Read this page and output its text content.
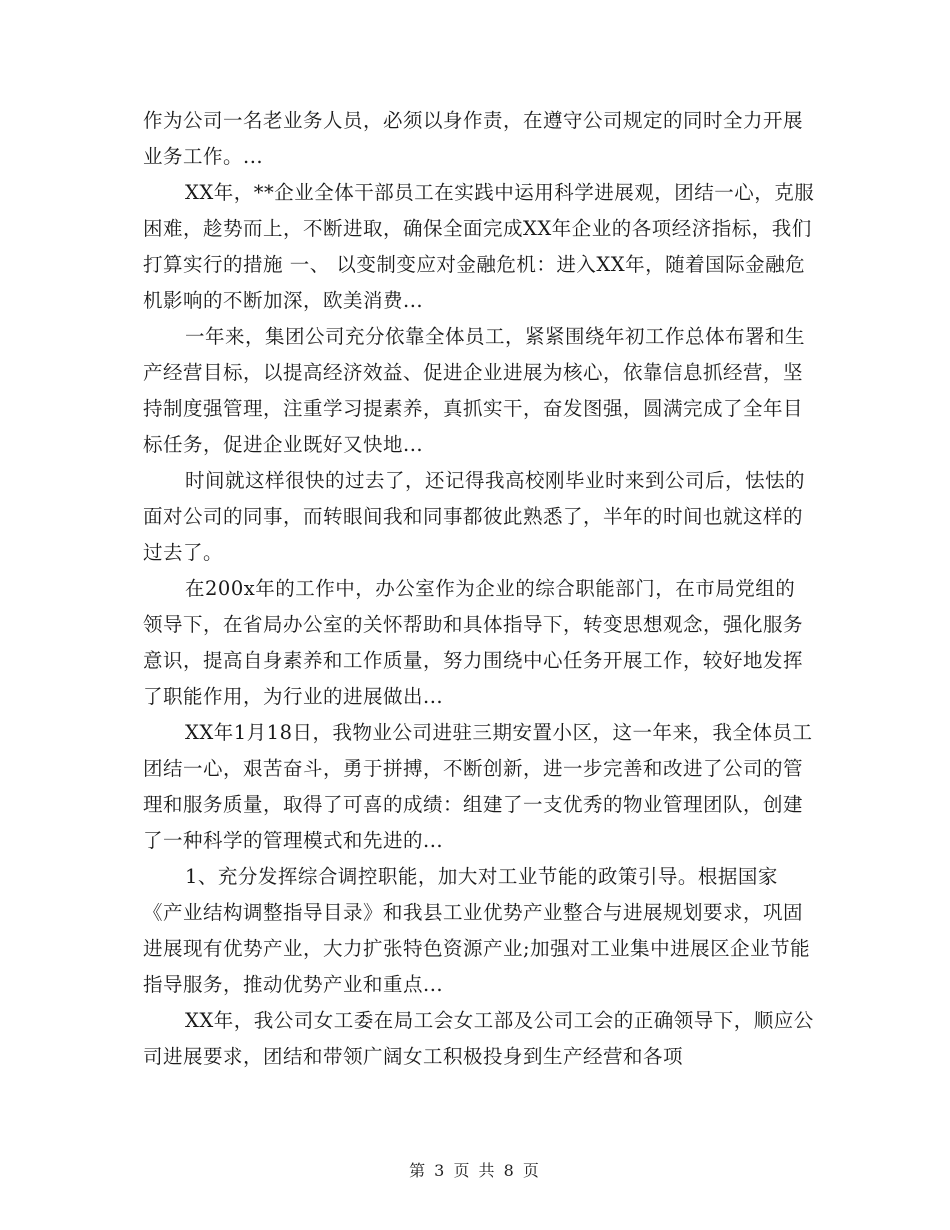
作为公司一名老业务人员，必须以身作责，在遵守公司规定的同时全力开展业务工作。...

XX年，**企业全体干部员工在实践中运用科学进展观，团结一心，克服困难，趁势而上，不断进取，确保全面完成XX年企业的各项经济指标，我们打算实行的措施 一、 以变制变应对金融危机：进入XX年，随着国际金融危机影响的不断加深，欧美消费...

一年来，集团公司充分依靠全体员工，紧紧围绕年初工作总体布署和生产经营目标，以提高经济效益、促进企业进展为核心，依靠信息抓经营，坚持制度强管理，注重学习提素养，真抓实干，奋发图强，圆满完成了全年目标任务，促进企业既好又快地...

时间就这样很快的过去了，还记得我高校刚毕业时来到公司后，怯怯的面对公司的同事，而转眼间我和同事都彼此熟悉了，半年的时间也就这样的过去了。

在200x年的工作中，办公室作为企业的综合职能部门，在市局党组的领导下，在省局办公室的关怀帮助和具体指导下，转变思想观念，强化服务意识，提高自身素养和工作质量，努力围绕中心任务开展工作，较好地发挥了职能作用，为行业的进展做出...

XX年1月18日，我物业公司进驻三期安置小区，这一年来，我全体员工团结一心，艰苦奋斗，勇于拼搏，不断创新，进一步完善和改进了公司的管理和服务质量，取得了可喜的成绩：组建了一支优秀的物业管理团队，创建了一种科学的管理模式和先进的...

1、充分发挥综合调控职能，加大对工业节能的政策引导。根据国家《产业结构调整指导目录》和我县工业优势产业整合与进展规划要求，巩固进展现有优势产业，大力扩张特色资源产业;加强对工业集中进展区企业节能指导服务，推动优势产业和重点...

XX年，我公司女工委在局工会女工部及公司工会的正确领导下，顺应公司进展要求，团结和带领广阔女工积极投身到生产经营和各项

第 3 页 共 8 页
